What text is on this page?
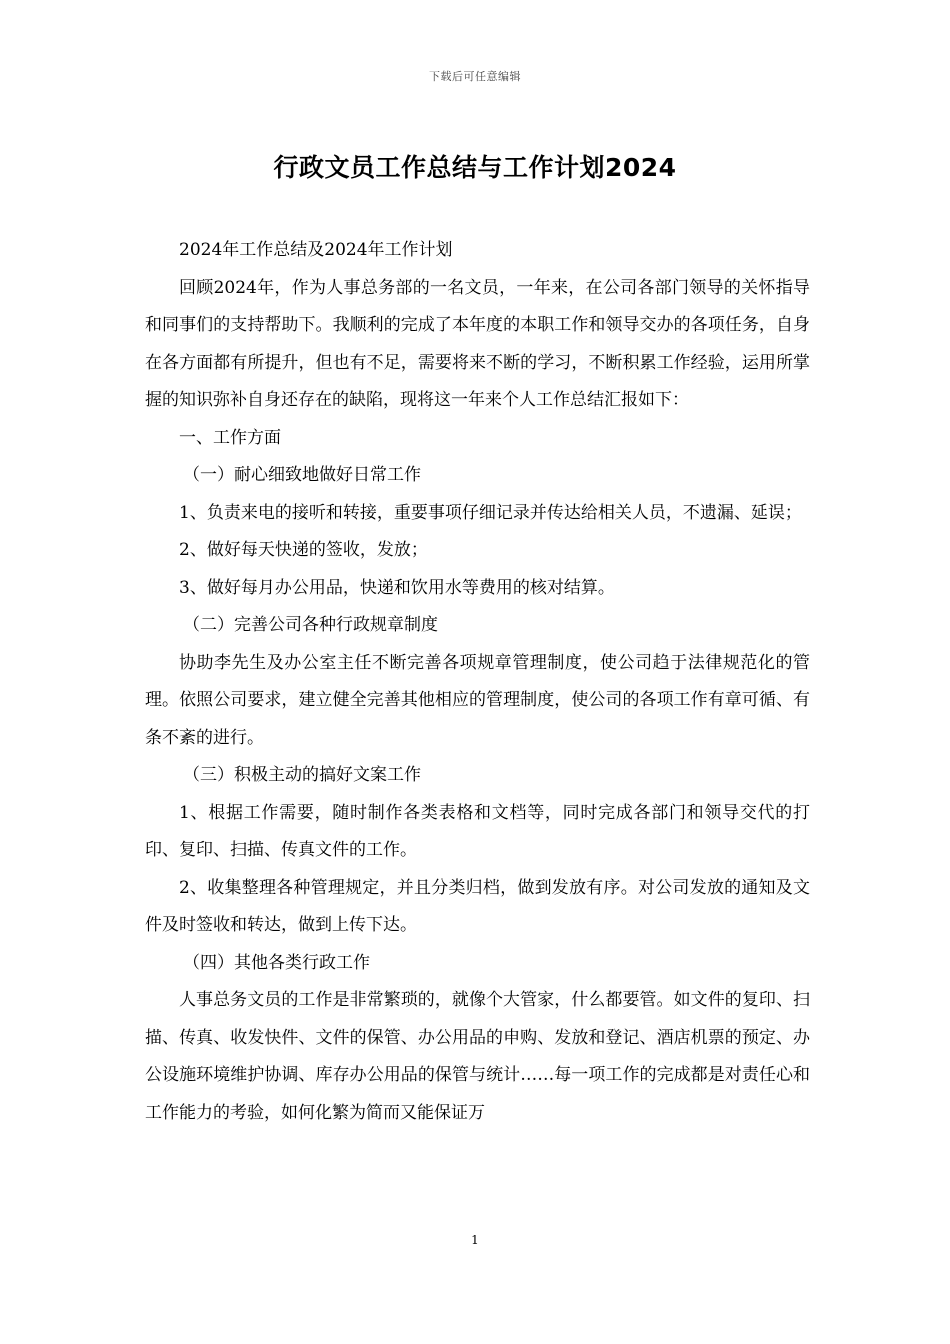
下载后可任意编辑
行政文员工作总结与工作计划2024

2024年工作总结及2024年工作计划

回顾2024年，作为人事总务部的一名文员，一年来，在公司各部门领导的关怀指导和同事们的支持帮助下。我顺利的完成了本年度的本职工作和领导交办的各项任务，自身在各方面都有所提升，但也有不足，需要将来不断的学习，不断积累工作经验，运用所掌握的知识弥补自身还存在的缺陷，现将这一年来个人工作总结汇报如下：

一、工作方面

（一）耐心细致地做好日常工作

1、负责来电的接听和转接，重要事项仔细记录并传达给相关人员，不遗漏、延误；

2、做好每天快递的签收，发放；

3、做好每月办公用品，快递和饮用水等费用的核对结算。

（二）完善公司各种行政规章制度

协助李先生及办公室主任不断完善各项规章管理制度，使公司趋于法律规范化的管理。依照公司要求，建立健全完善其他相应的管理制度，使公司的各项工作有章可循、有条不紊的进行。

（三）积极主动的搞好文案工作

1、根据工作需要，随时制作各类表格和文档等，同时完成各部门和领导交代的打印、复印、扫描、传真文件的工作。

2、收集整理各种管理规定，并且分类归档，做到发放有序。对公司发放的通知及文件及时签收和转达，做到上传下达。

（四）其他各类行政工作

人事总务文员的工作是非常繁琐的，就像个大管家，什么都要管。如文件的复印、扫描、传真、收发快件、文件的保管、办公用品的申购、发放和登记、酒店机票的预定、办公设施环境维护协调、库存办公用品的保管与统计……每一项工作的完成都是对责任心和工作能力的考验，如何化繁为简而又能保证万

1
